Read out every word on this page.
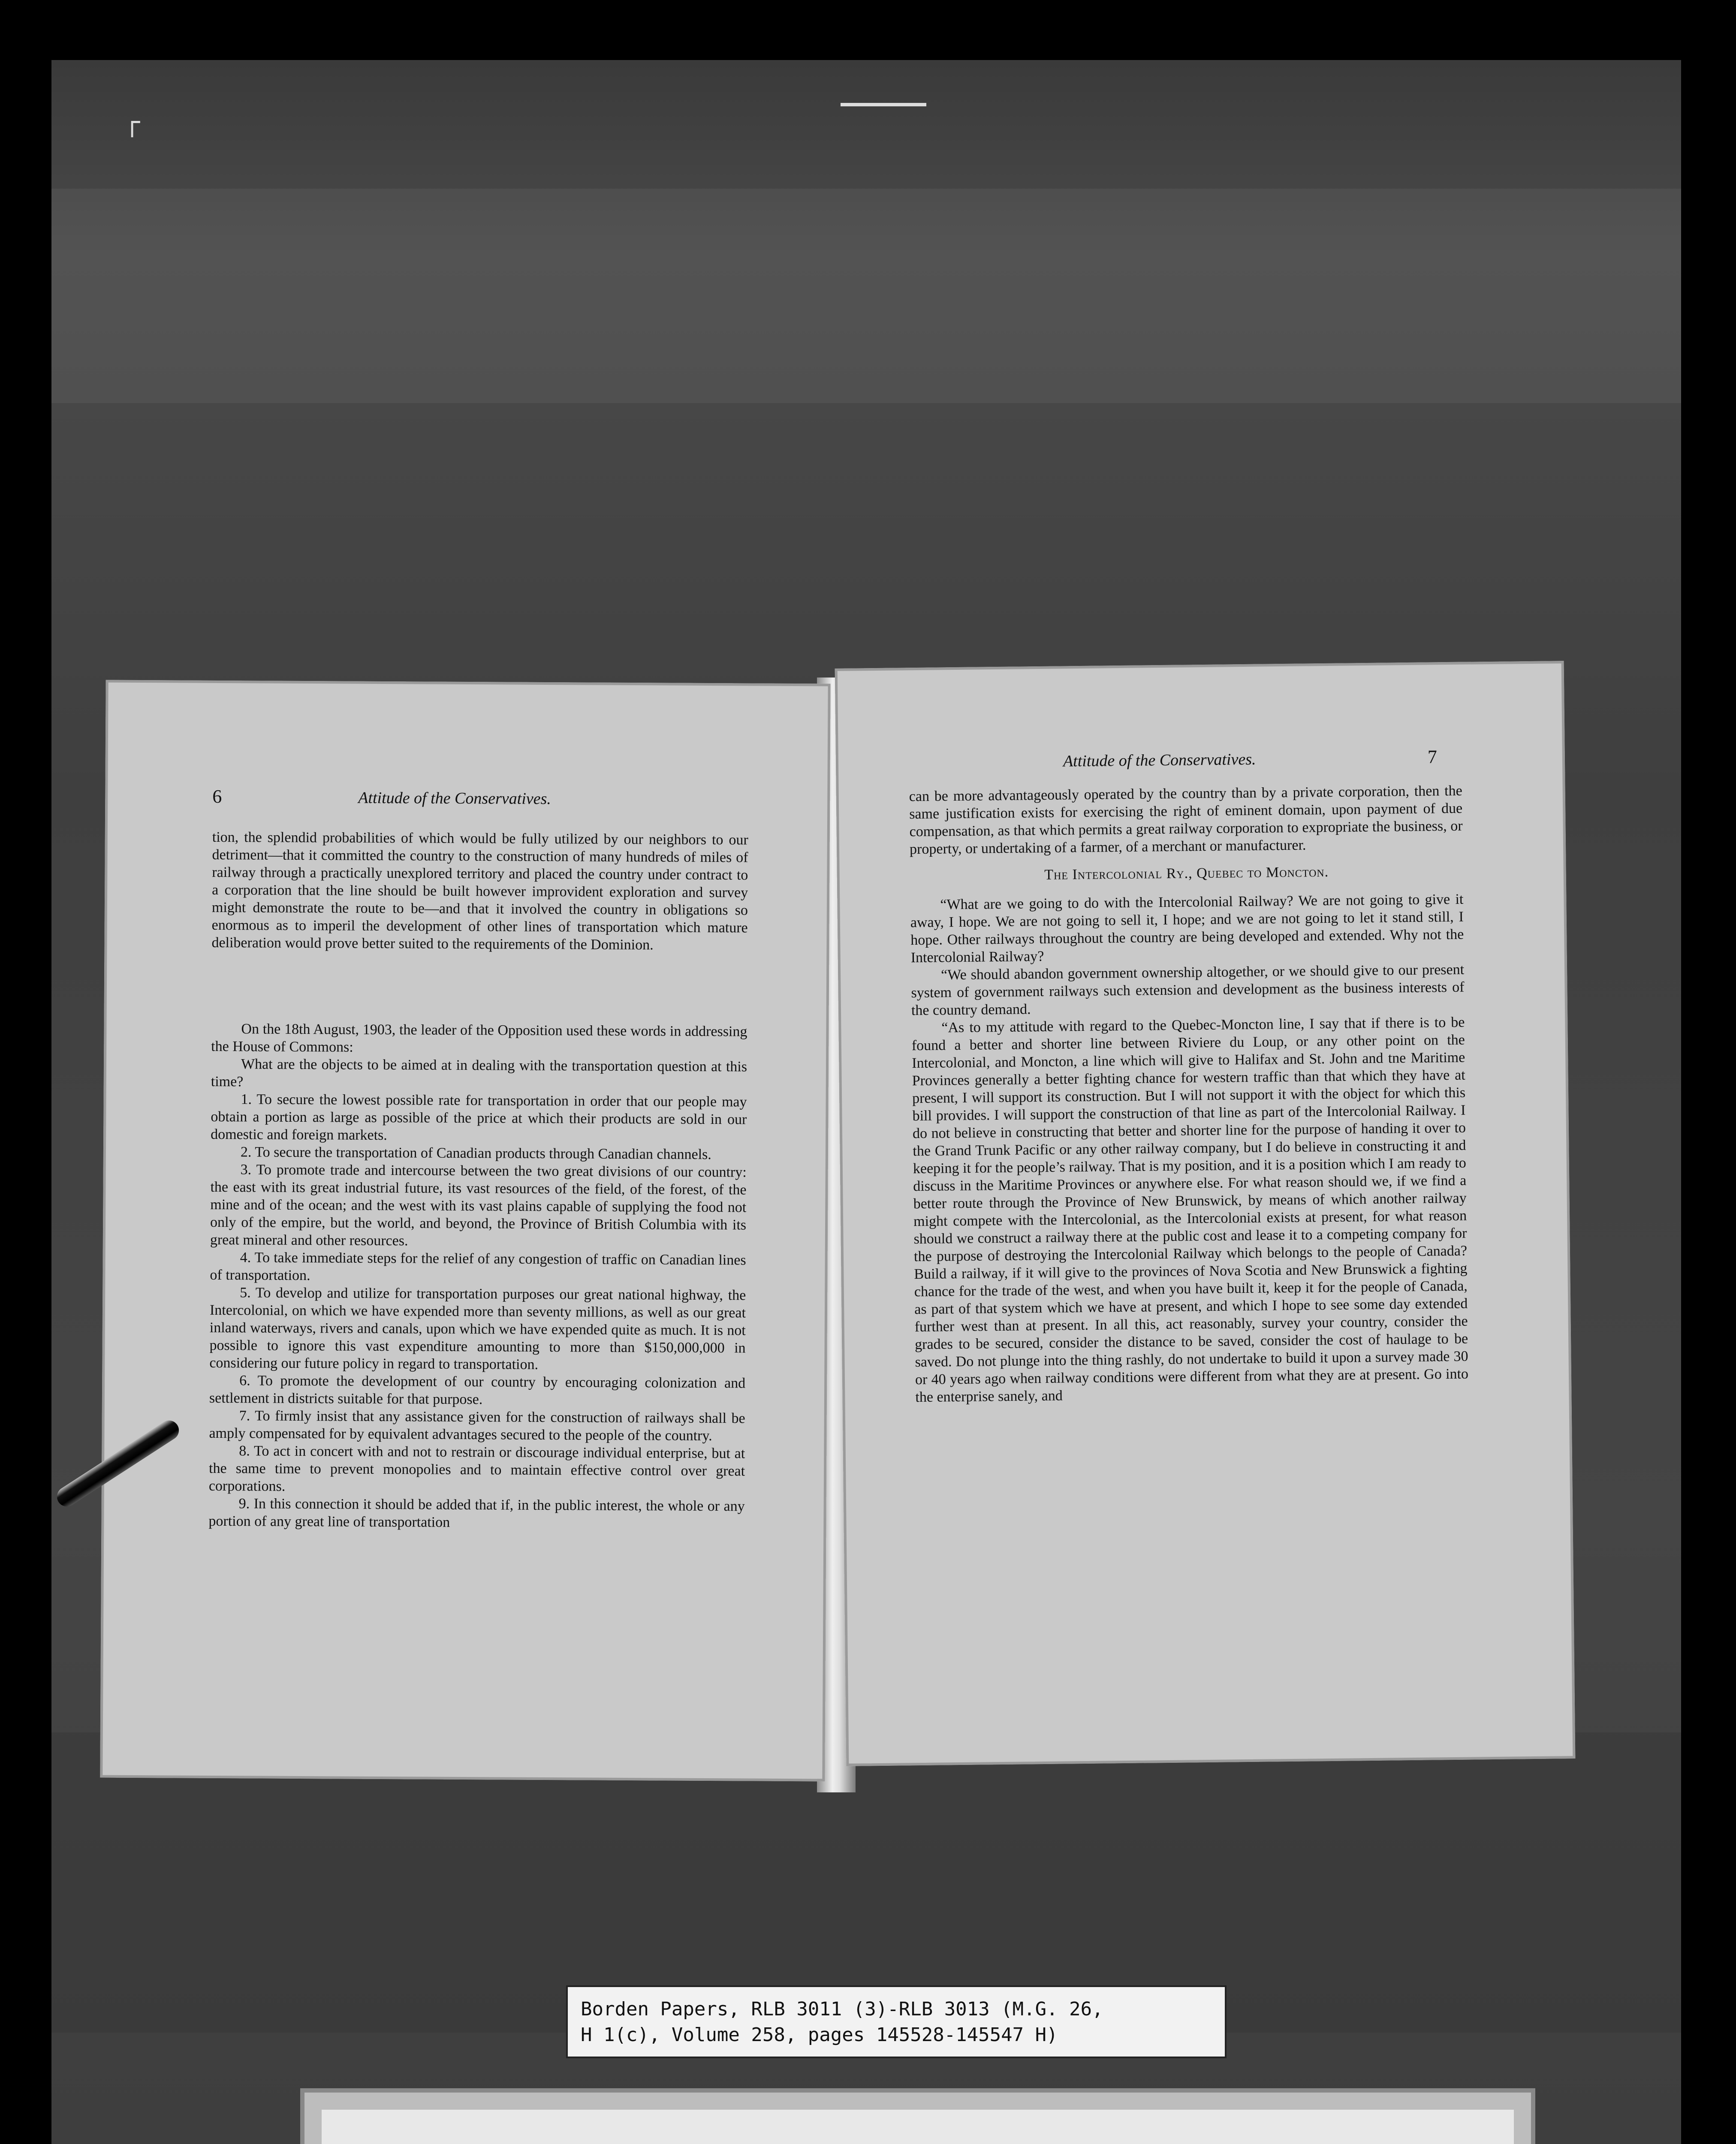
┌
6	Attitude of the Conservatives.

tion, the splendid probabilities of which would be fully utilized by our neighbors to our detriment—that it committed the country to the construction of many hundreds of miles of railway through a practically unexplored territory and placed the country under contract to a corporation that the line should be built however improvident exploration and survey might demonstrate the route to be—and that it involved the country in obligations so enormous as to imperil the development of other lines of transportation which mature deliberation would prove better suited to the requirements of the Dominion.

On the 18th August, 1903, the leader of the Opposition used these words in addressing the House of Commons:

What are the objects to be aimed at in dealing with the transportation question at this time?

1. To secure the lowest possible rate for transportation in order that our people may obtain a portion as large as possible of the price at which their products are sold in our domestic and foreign markets.

2. To secure the transportation of Canadian products through Canadian channels.

3. To promote trade and intercourse between the two great divisions of our country: the east with its great industrial future, its vast resources of the field, of the forest, of the mine and of the ocean; and the west with its vast plains capable of supplying the food not only of the empire, but the world, and beyond, the Province of British Columbia with its great mineral and other resources.

4. To take immediate steps for the relief of any congestion of traffic on Canadian lines of transportation.

5. To develop and utilize for transportation purposes our great national highway, the Intercolonial, on which we have expended more than seventy millions, as well as our great inland waterways, rivers and canals, upon which we have expended quite as much. It is not possible to ignore this vast expenditure amounting to more than $150,000,000 in considering our future policy in regard to transportation.

6. To promote the development of our country by encouraging colonization and settlement in districts suitable for that purpose.

7. To firmly insist that any assistance given for the construction of railways shall be amply compensated for by equivalent advantages secured to the people of the country.

8. To act in concert with and not to restrain or discourage individual enterprise, but at the same time to prevent monopolies and to maintain effective control over great corporations.

9. In this connection it should be added that if, in the public interest, the whole or any portion of any great line of transportation

Attitude of the Conservatives.	7

can be more advantageously operated by the country than by a private corporation, then the same justification exists for exercising the right of eminent domain, upon payment of due compensation, as that which permits a great railway corporation to expropriate the business, or property, or undertaking of a farmer, of a merchant or manufacturer.

The Intercolonial Ry., Quebec to Moncton.

“What are we going to do with the Intercolonial Railway? We are not going to give it away, I hope. We are not going to sell it, I hope; and we are not going to let it stand still, I hope. Other railways throughout the country are being developed and extended. Why not the Intercolonial Railway?

“We should abandon government ownership altogether, or we should give to our present system of government railways such extension and development as the business interests of the country demand.

“As to my attitude with regard to the Quebec-Moncton line, I say that if there is to be found a better and shorter line between Riviere du Loup, or any other point on the Intercolonial, and Moncton, a line which will give to Halifax and St. John and tne Maritime Provinces generally a better fighting chance for western traffic than that which they have at present, I will support its construction. But I will not support it with the object for which this bill provides. I will support the construction of that line as part of the Intercolonial Railway. I do not believe in constructing that better and shorter line for the purpose of handing it over to the Grand Trunk Pacific or any other railway company, but I do believe in constructing it and keeping it for the people’s railway. That is my position, and it is a position which I am ready to discuss in the Maritime Provinces or anywhere else. For what reason should we, if we find a better route through the Province of New Brunswick, by means of which another railway might compete with the Intercolonial, as the Intercolonial exists at present, for what reason should we construct a railway there at the public cost and lease it to a competing company for the purpose of destroying the Intercolonial Railway which belongs to the people of Canada? Build a railway, if it will give to the provinces of Nova Scotia and New Brunswick a fighting chance for the trade of the west, and when you have built it, keep it for the people of Canada, as part of that system which we have at present, and which I hope to see some day extended further west than at present. In all this, act reasonably, survey your country, consider the grades to be secured, consider the distance to be saved, consider the cost of haulage to be saved. Do not plunge into the thing rashly, do not undertake to build it upon a survey made 30 or 40 years ago when railway conditions were different from what they are at present. Go into the enterprise sanely, and

Borden Papers, RLB 3011 (3)-RLB 3013 (M.G. 26,
H 1(c), Volume 258, pages 145528-145547 H)
